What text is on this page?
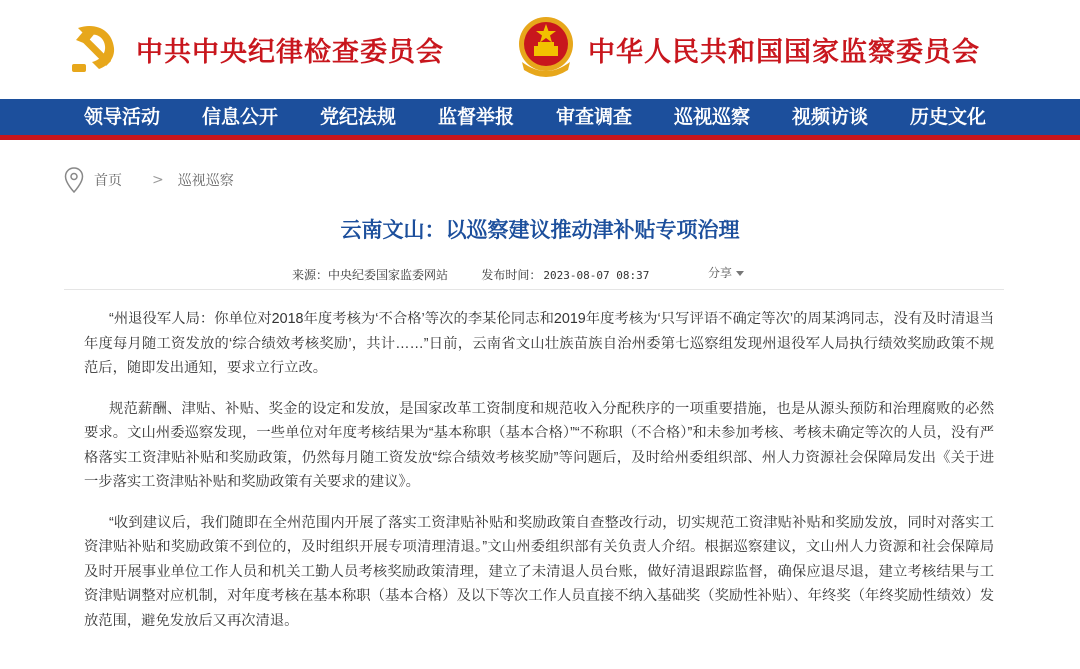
中共中央纪律检查委员会	中华人民共和国国家监察委员会
领导活动	信息公开	党纪法规	监督举报	审查调查	巡视巡察	视频访谈	历史文化
首页 > 巡视巡察
云南文山：以巡察建议推动津补贴专项治理
来源：中央纪委国家监委网站	发布时间： 2023-08-07 08:37	分享

“州退役军人局：你单位对2018年度考核为‘不合格’等次的李某伦同志和2019年度考核为‘只写评语不确定等次’的周某鸿同志，没有及时清退当年度每月随工资发放的‘综合绩效考核奖励’，共计……”日前，云南省文山壮族苗族自治州委第七巡察组发现州退役军人局执行绩效奖励政策不规范后，随即发出通知，要求立行立改。

规范薪酬、津贴、补贴、奖金的设定和发放，是国家改革工资制度和规范收入分配秩序的一项重要措施，也是从源头预防和治理腐败的必然要求。文山州委巡察发现，一些单位对年度考核结果为“基本称职（基本合格）”“不称职（不合格）”和未参加考核、考核未确定等次的人员，没有严格落实工资津贴补贴和奖励政策，仍然每月随工资发放“综合绩效考核奖励”等问题后，及时给州委组织部、州人力资源社会保障局发出《关于进一步落实工资津贴补贴和奖励政策有关要求的建议》。

“收到建议后，我们随即在全州范围内开展了落实工资津贴补贴和奖励政策自查整改行动，切实规范工资津贴补贴和奖励发放，同时对落实工资津贴补贴和奖励政策不到位的，及时组织开展专项清理清退。”文山州委组织部有关负责人介绍。根据巡察建议，文山州人力资源和社会保障局及时开展事业单位工作人员和机关工勤人员考核奖励政策清理，建立了未清退人员台账，做好清退跟踪监督，确保应退尽退，建立考核结果与工资津贴调整对应机制，对年度考核在基本称职（基本合格）及以下等次工作人员直接不纳入基础奖（奖励性补贴）、年终奖（年终奖励性绩效）发放范围，避免发放后又再次清退。
